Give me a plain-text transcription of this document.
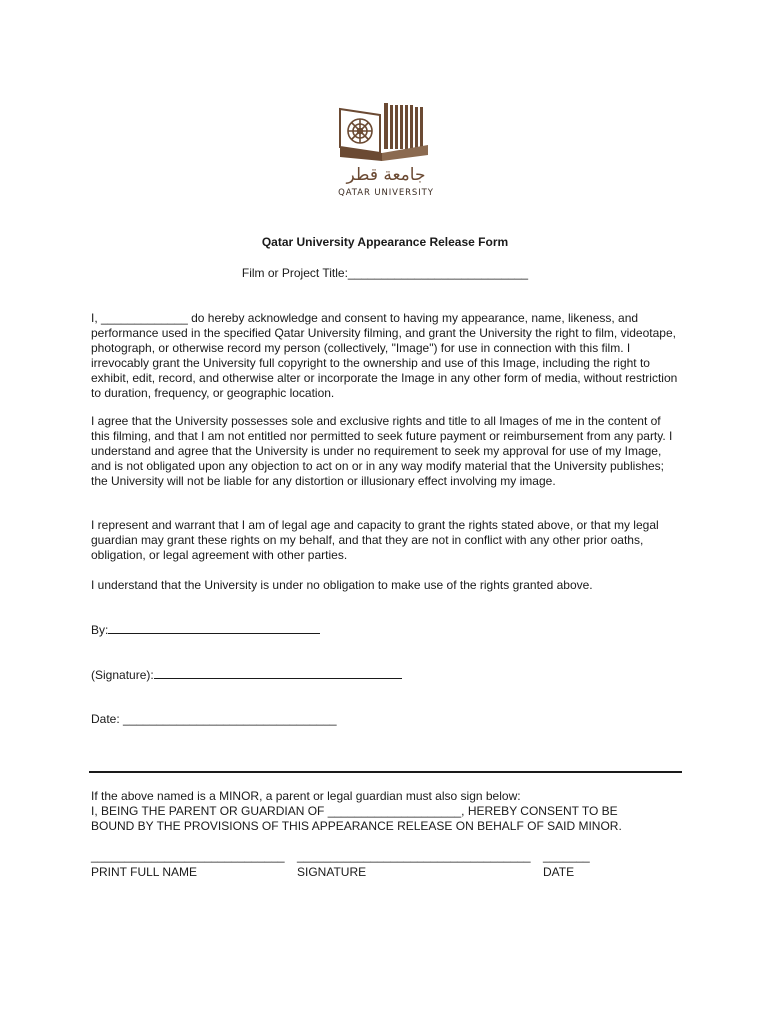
جامعة قطر
QATAR UNIVERSITY
Qatar University Appearance Release Form
Film or Project Title:___________________________

I, _____________ do hereby acknowledge and consent to having my appearance, name, likeness, and performance used in the specified Qatar University filming, and grant the University the right to film, videotape, photograph, or otherwise record my person (collectively, "Image") for use in connection with this film. I irrevocably grant the University full copyright to the ownership and use of this Image, including the right to exhibit, edit, record, and otherwise alter or incorporate the Image in any other form of media, without restriction to duration, frequency, or geographic location.

I agree that the University possesses sole and exclusive rights and title to all Images of me in the content of this filming, and that I am not entitled nor permitted to seek future payment or reimbursement from any party. I understand and agree that the University is under no requirement to seek my approval for use of my Image, and is not obligated upon any objection to act on or in any way modify material that the University publishes; the University will not be liable for any distortion or illusionary effect involving my image.

I represent and warrant that I am of legal age and capacity to grant the rights stated above, or that my legal guardian may grant these rights on my behalf, and that they are not in conflict with any other prior oaths, obligation, or legal agreement with other parties.

I understand that the University is under no obligation to make use of the rights granted above.

By:
(Signature):
Date: ________________________________

If the above named is a MINOR, a parent or legal guardian must also sign below:

I, BEING THE PARENT OR GUARDIAN OF ____________________, HEREBY CONSENT TO BE

BOUND BY THE PROVISIONS OF THIS APPEARANCE RELEASE ON BEHALF OF SAID MINOR.

_____________________________
PRINT FULL NAME
___________________________________
SIGNATURE
_______
DATE
